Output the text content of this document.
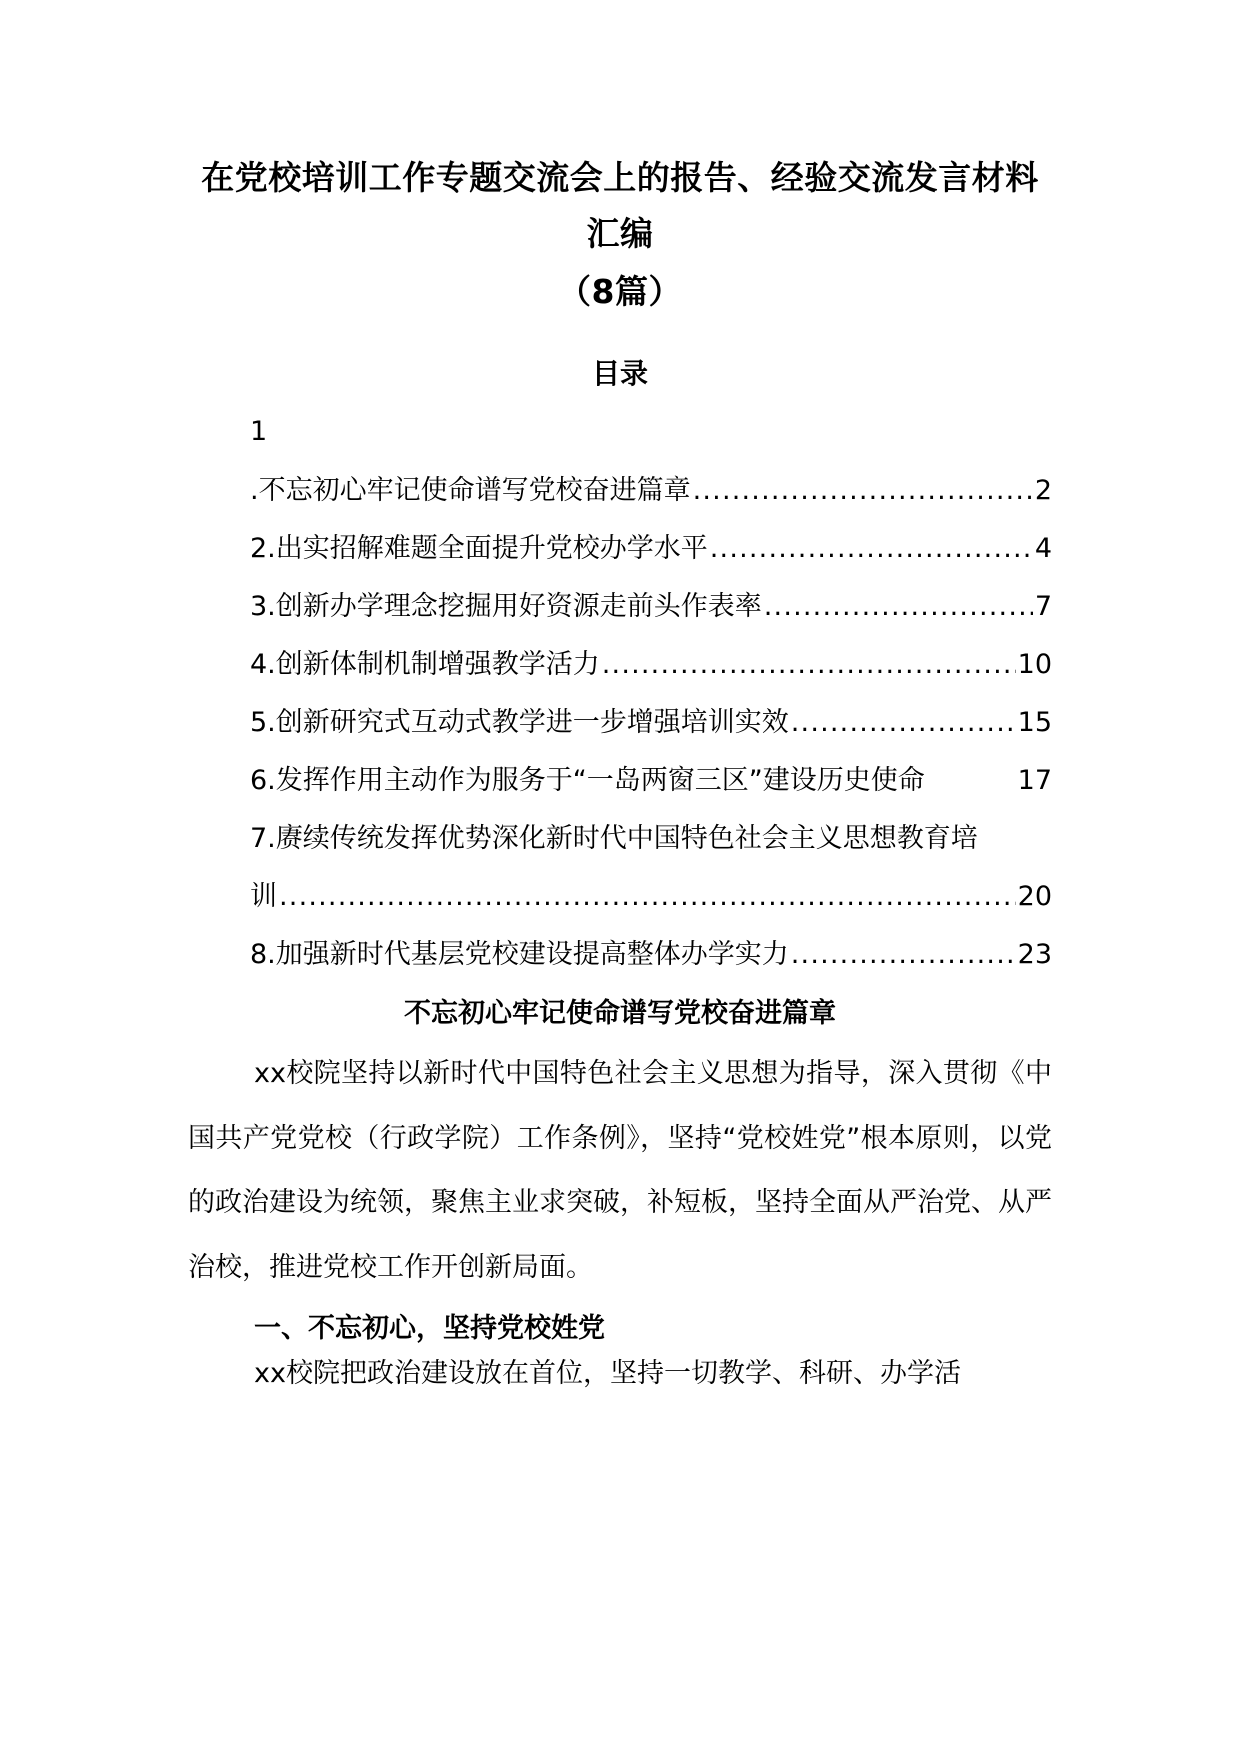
在党校培训工作专题交流会上的报告、经验交流发言材料
汇编
（8篇）
目录
1
.不忘初心牢记使命谱写党校奋进篇章 .....	2
2.出实招解难题全面提升党校办学水平 .....	4
3.创新办学理念挖掘用好资源走前头作表率 .....	7
4.创新体制机制增强教学活力 .....	10
5.创新研究式互动式教学进一步增强培训实效 .....	15
6.发挥作用主动作为服务于“一岛两窗三区”建设历史使命	17
7.赓续传统发挥优势深化新时代中国特色社会主义思想教育培
训 .....	20
8.加强新时代基层党校建设提高整体办学实力 .....	23
不忘初心牢记使命谱写党校奋进篇章

xx校院坚持以新时代中国特色社会主义思想为指导，深入贯彻《中国共产党党校（行政学院）工作条例》，坚持“党校姓党”根本原则，以党的政治建设为统领，聚焦主业求突破，补短板，坚持全面从严治党、从严治校，推进党校工作开创新局面。

一、不忘初心，坚持党校姓党

xx校院把政治建设放在首位，坚持一切教学、科研、办学活
